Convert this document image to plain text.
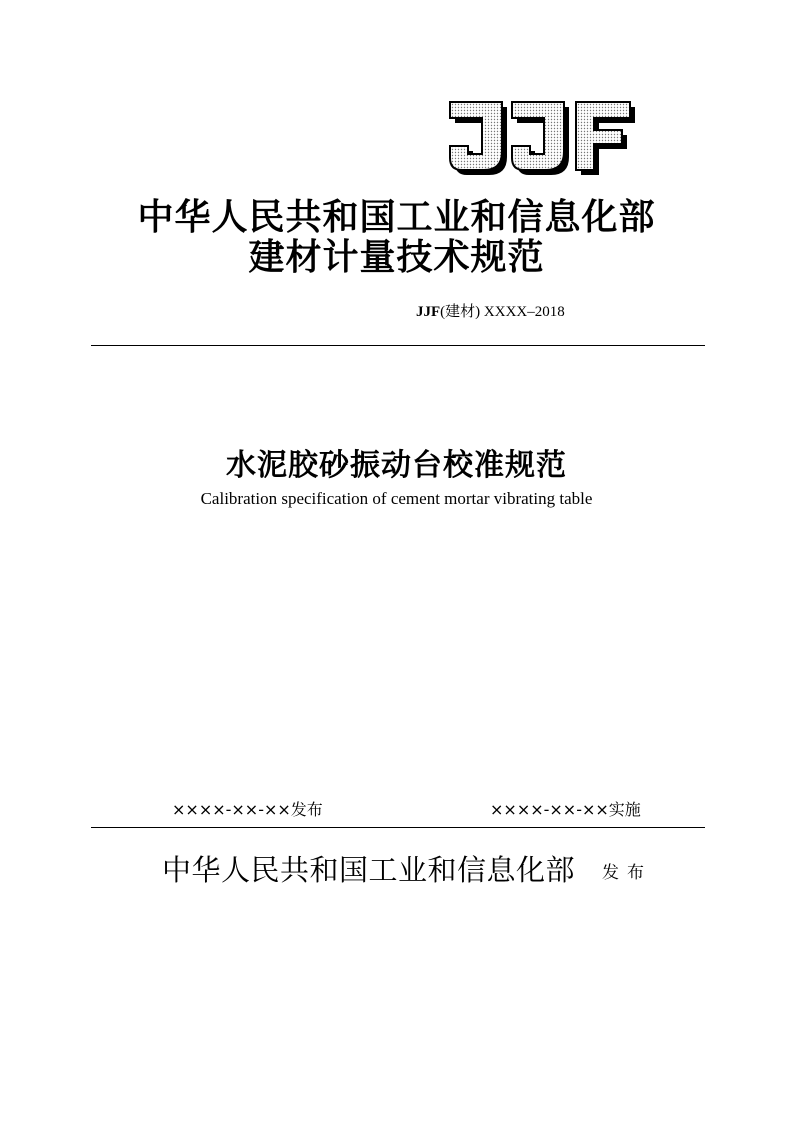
中华人民共和国工业和信息化部
建材计量技术规范
JJF(建材) XXXX–2018
水泥胶砂振动台校准规范

Calibration specification of cement mortar vibrating table

××××-××-××发布	××××-××-××实施
中华人民共和国工业和信息化部 发布
